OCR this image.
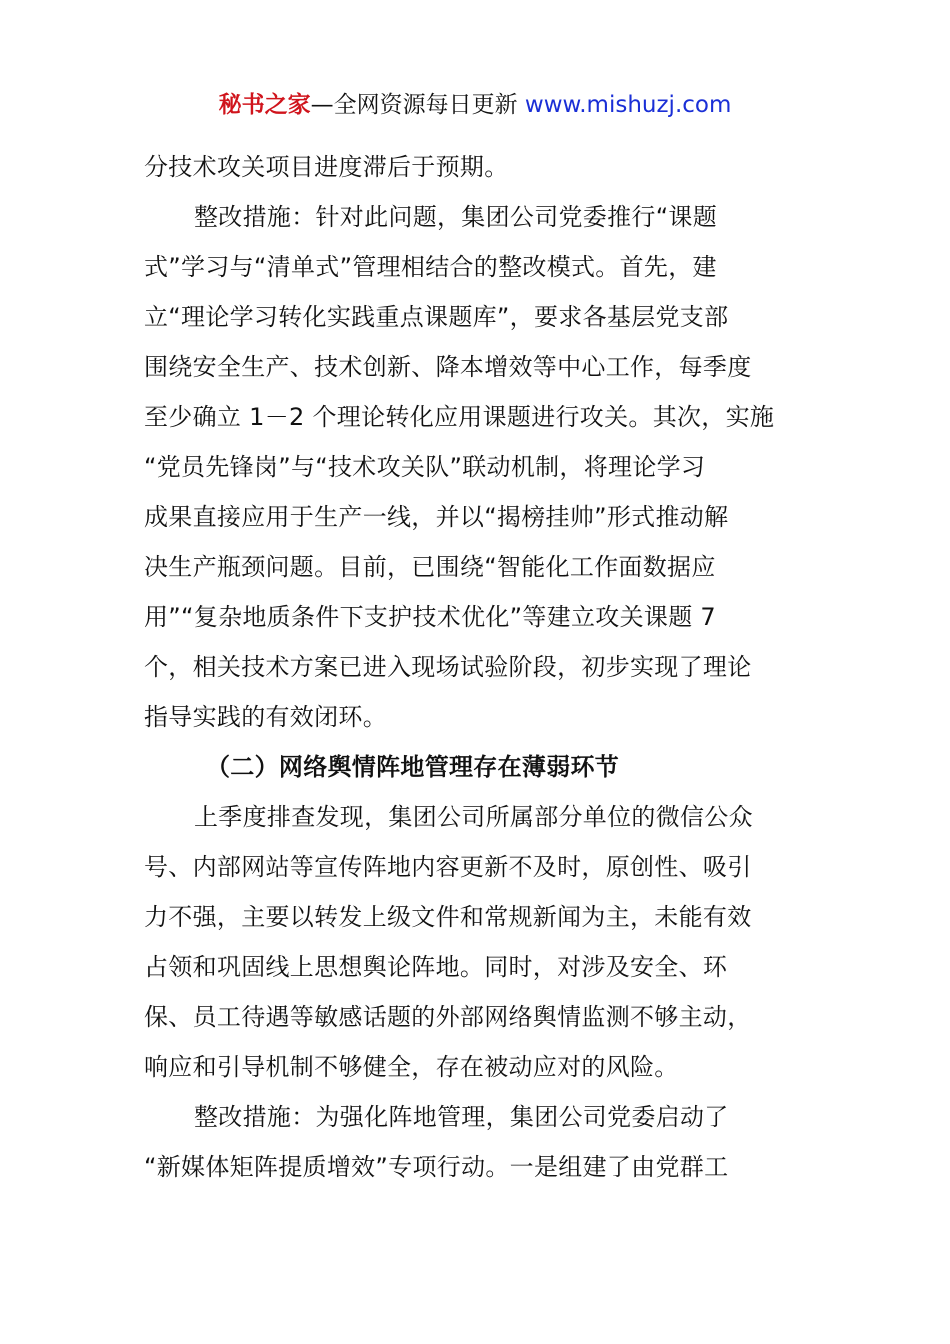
秘书之家—全网资源每日更新 www.mishuzj.com
分技术攻关项目进度滞后于预期。
整改措施：针对此问题，集团公司党委推行“课题
式”学习与“清单式”管理相结合的整改模式。首先，建
立“理论学习转化实践重点课题库”，要求各基层党支部
围绕安全生产、技术创新、降本增效等中心工作，每季度
至少确立 1－2 个理论转化应用课题进行攻关。其次，实施
“党员先锋岗”与“技术攻关队”联动机制，将理论学习
成果直接应用于生产一线，并以“揭榜挂帅”形式推动解
决生产瓶颈问题。目前，已围绕“智能化工作面数据应
用”“复杂地质条件下支护技术优化”等建立攻关课题 7
个，相关技术方案已进入现场试验阶段，初步实现了理论
指导实践的有效闭环。
（二）网络舆情阵地管理存在薄弱环节
上季度排查发现，集团公司所属部分单位的微信公众
号、内部网站等宣传阵地内容更新不及时，原创性、吸引
力不强，主要以转发上级文件和常规新闻为主，未能有效
占领和巩固线上思想舆论阵地。同时，对涉及安全、环
保、员工待遇等敏感话题的外部网络舆情监测不够主动，
响应和引导机制不够健全，存在被动应对的风险。
整改措施：为强化阵地管理，集团公司党委启动了
“新媒体矩阵提质增效”专项行动。一是组建了由党群工
